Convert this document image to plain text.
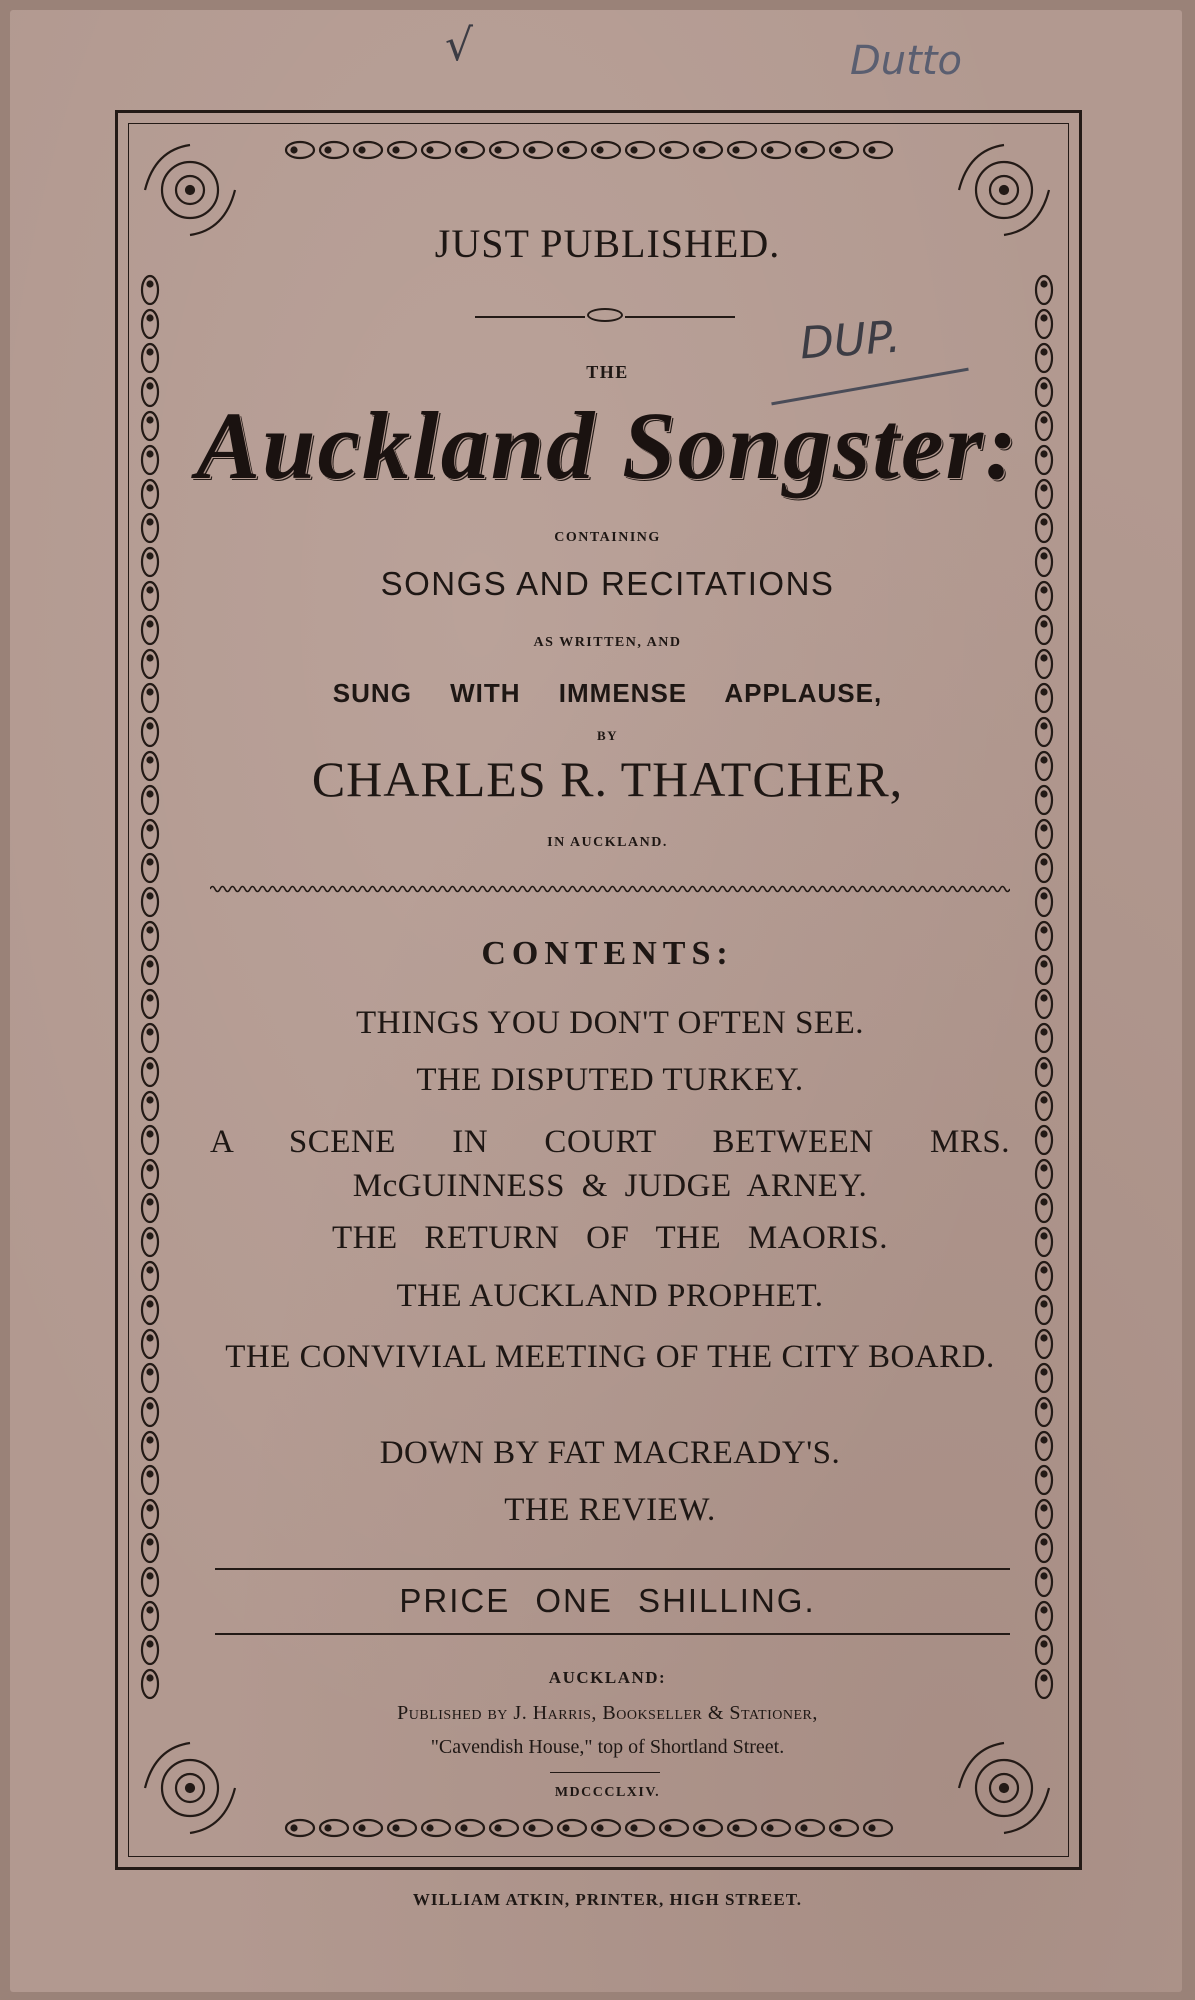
√	Dutto
DUP.
JUST PUBLISHED.
THE
Auckland Songster:
CONTAINING
SONGS AND RECITATIONS
AS WRITTEN, AND
SUNG WITH IMMENSE APPLAUSE,
BY
CHARLES R. THATCHER,
IN AUCKLAND.
CONTENTS:
THINGS YOU DON'T OFTEN SEE.
THE DISPUTED TURKEY.
A SCENE IN COURT BETWEEN MRS. McGUINNESS & JUDGE ARNEY.
THE RETURN OF THE MAORIS.
THE AUCKLAND PROPHET.
THE CONVIVIAL MEETING OF THE CITY BOARD.
DOWN BY FAT MACREADY'S.
THE REVIEW.
PRICE ONE SHILLING.
AUCKLAND:
Published by J. Harris, Bookseller & Stationer,
"Cavendish House," top of Shortland Street.
MDCCCLXIV.
WILLIAM ATKIN, PRINTER, HIGH STREET.
